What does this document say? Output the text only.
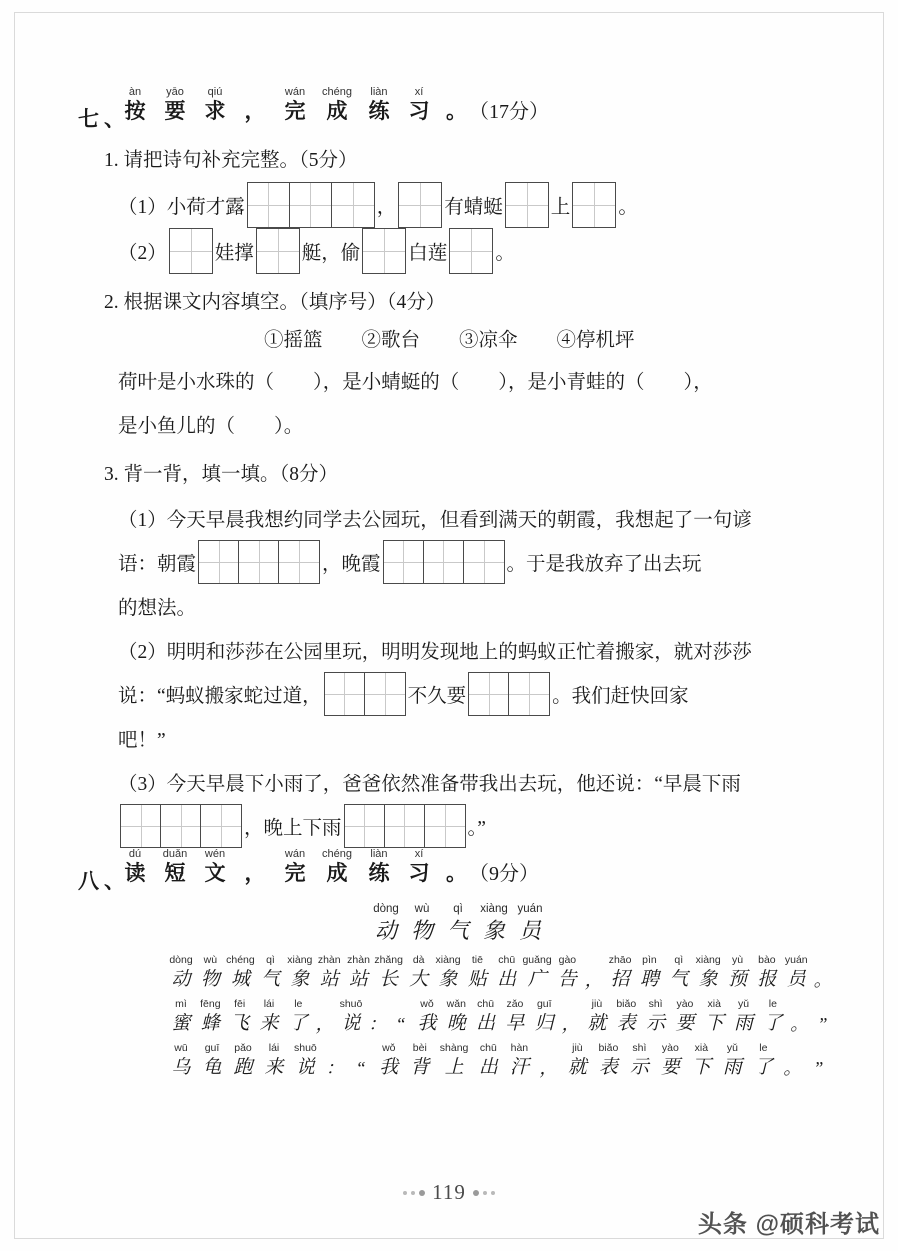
七、
àn
按
yāo
要
qiú
求 ，
wán
完
chéng
成
liàn
练
xí
习 。 （17分）
1. 请把诗句补充完整。（5分）
（1）小荷才露	， 有蜻蜓 上 。
（2） 娃撑 艇，偷 白莲 。
2. 根据课文内容填空。（填序号）（4分）
①摇篮　　②歌台　　③凉伞　　④停机坪
荷叶是小水珠的（　　），是小蜻蜓的（　　），是小青蛙的（　　），
是小鱼儿的（　　）。
3. 背一背，填一填。（8分）
（1）今天早晨我想约同学去公园玩，但看到满天的朝霞，我想起了一句谚
语：朝霞	，晚霞	。于是我放弃了出去玩
的想法。
（2）明明和莎莎在公园里玩，明明发现地上的蚂蚁正忙着搬家，就对莎莎
说：“蚂蚁搬家蛇过道，	不久要	。我们赶快回家
吧！”
（3）今天早晨下小雨了，爸爸依然准备带我出去玩，他还说：“早晨下雨
，晚上下雨	。”
八、
dú
读
duǎn
短
wén
文 ，
wán
完
chéng
成
liàn
练
xí
习 。 （9分）
dòng
动
wù
物
qì
气
xiàng
象
yuán
员
dòng
动
wù
物
chéng
城
qì
气
xiàng
象
zhàn
站
zhàn
站
zhǎng
长
dà
大
xiàng
象
tiē
贴
chū
出
guǎng
广
gào
告
，
zhāo
招
pìn
聘
qì
气
xiàng
象
yù
预
bào
报
yuán
员
。
mì
蜜
fēng
蜂
fēi
飞
lái
来
le
了
，
shuō
说
：
“
wǒ
我
wǎn
晚
chū
出
zǎo
早
guī
归
，
jiù
就
biǎo
表
shì
示
yào
要
xià
下
yǔ
雨
le
了
。
”
wū
乌
guī
龟
pǎo
跑
lái
来
shuō
说
：
“
wǒ
我
bèi
背
shàng
上
chū
出
hàn
汗
，
jiù
就
biǎo
表
shì
示
yào
要
xià
下
yǔ
雨
le
了
。
”
119
头条 @硕科考试
